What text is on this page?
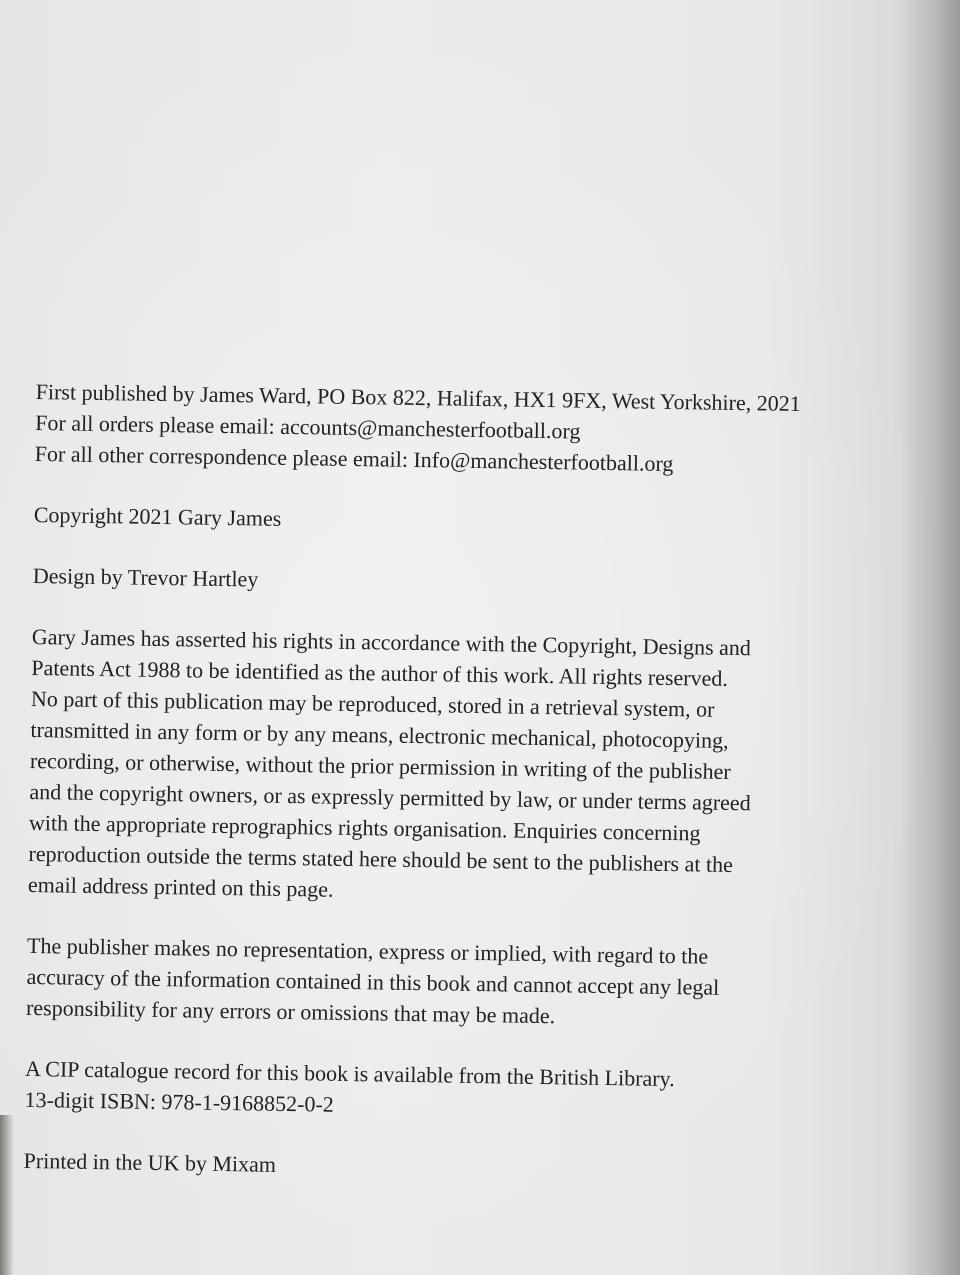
First published by James Ward, PO Box 822, Halifax, HX1 9FX, West Yorkshire, 2021
For all orders please email: accounts@manchesterfootball.org
For all other correspondence please email: Info@manchesterfootball.org

Copyright 2021 Gary James

Design by Trevor Hartley

Gary James has asserted his rights in accordance with the Copyright, Designs and
Patents Act 1988 to be identified as the author of this work. All rights reserved.
No part of this publication may be reproduced, stored in a retrieval system, or
transmitted in any form or by any means, electronic mechanical, photocopying,
recording, or otherwise, without the prior permission in writing of the publisher
and the copyright owners, or as expressly permitted by law, or under terms agreed
with the appropriate reprographics rights organisation. Enquiries concerning
reproduction outside the terms stated here should be sent to the publishers at the
email address printed on this page.

The publisher makes no representation, express or implied, with regard to the
accuracy of the information contained in this book and cannot accept any legal
responsibility for any errors or omissions that may be made.

A CIP catalogue record for this book is available from the British Library.
13-digit ISBN: 978-1-9168852-0-2

Printed in the UK by Mixam
